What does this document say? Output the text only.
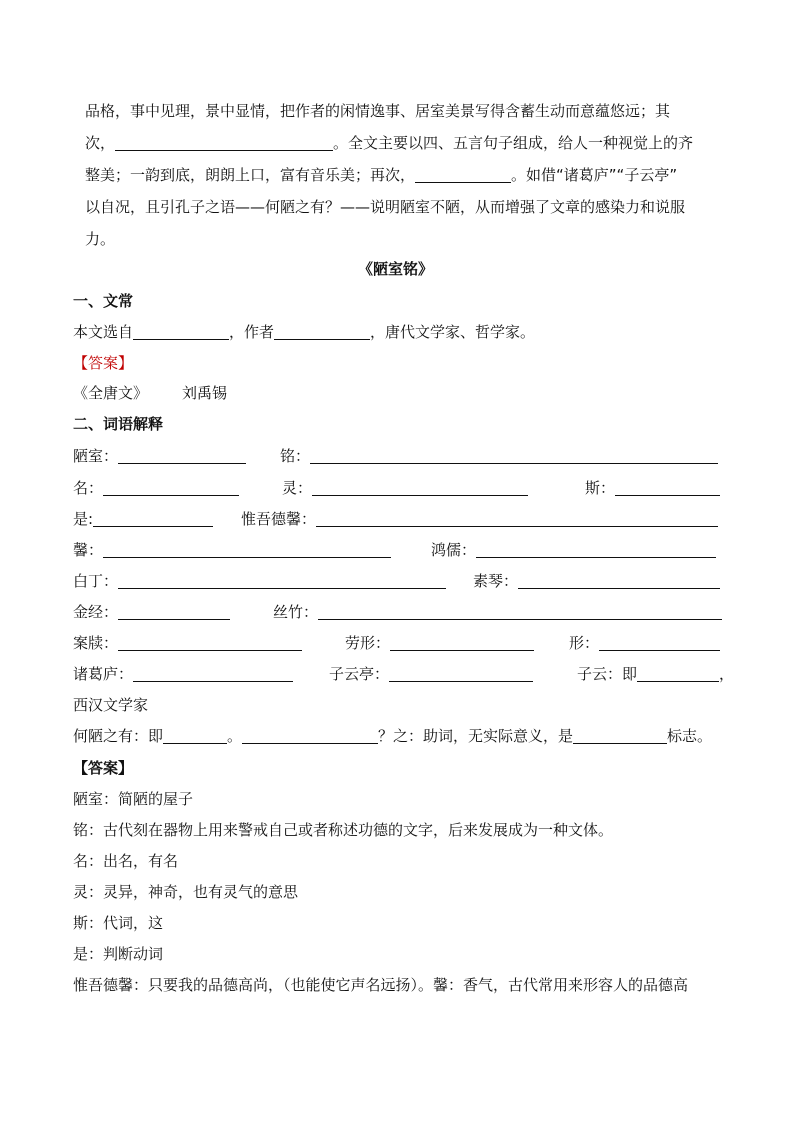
品格，事中见理，景中显情，把作者的闲情逸事、居室美景写得含蓄生动而意蕴悠远；其
次，	。全文主要以四、五言句子组成，给人一种视觉上的齐
整美；一韵到底，朗朗上口，富有音乐美；再次，	。如借“诸葛庐”“子云亭”
以自况，且引孔子之语——何陋之有？——说明陋室不陋，从而增强了文章的感染力和说服
力。
《陋室铭》
一、文常
本文选自	，作者	，唐代文学家、哲学家。
【答案】
《全唐文》 刘禹锡
二、词语解释
陋室：	铭：
名：	灵：	斯：
是:	惟吾德馨：
馨：	鸿儒：
白丁：	素琴：
金经：	丝竹：
案牍：	劳形：	形：
诸葛庐：	子云亭：	子云：即	，
西汉文学家
何陋之有：即	。	？之：助词，无实际意义，是	标志。
【答案】
陋室：简陋的屋子
铭：古代刻在器物上用来警戒自己或者称述功德的文字，后来发展成为一种文体。
名：出名，有名
灵：灵异，神奇，也有灵气的意思
斯：代词，这
是：判断动词
惟吾德馨：只要我的品德高尚，（也能使它声名远扬）。馨：香气，古代常用来形容人的品德高
